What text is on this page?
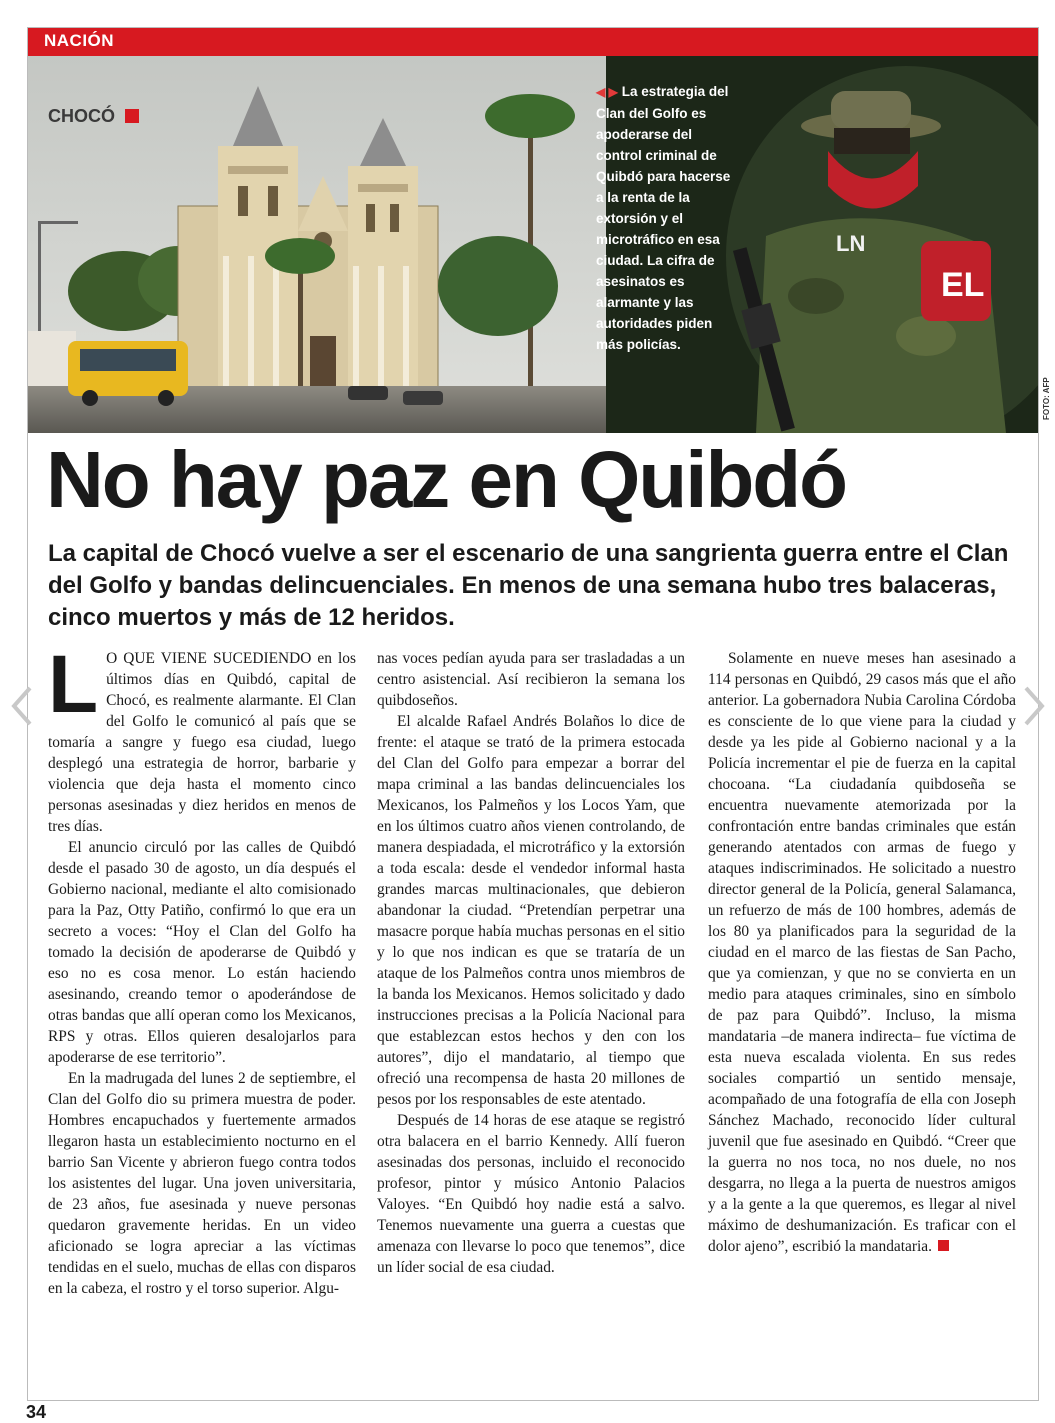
NACIÓN
CHOCÓ
EL
LN
◀ ▶ La estrategia del Clan del Golfo es apoderarse del control criminal de Quibdó para hacerse a la renta de la extorsión y el microtráfico en esa ciudad. La cifra de asesinatos es alarmante y las autoridades piden más policías.
No hay paz en Quibdó
La capital de Chocó vuelve a ser el escenario de una sangrienta guerra entre el Clan del Golfo y bandas delincuenciales. En menos de una semana hubo tres balaceras, cinco muertos y más de 12 heridos.

L O QUE VIENE SUCEDIENDO en los últimos días en Quibdó, capital de Chocó, es realmente alarmante. El Clan del Golfo le comunicó al país que se tomaría a sangre y fuego esa ciudad, luego desplegó una estrategia de horror, barbarie y violencia que deja hasta el momento cinco personas asesinadas y diez heridos en menos de tres días.

El anuncio circuló por las calles de Quibdó desde el pasado 30 de agosto, un día después el Gobierno nacional, mediante el alto comisionado para la Paz, Otty Patiño, confirmó lo que era un secreto a voces: “Hoy el Clan del Golfo ha tomado la decisión de apoderarse de Quibdó y eso no es cosa menor. Lo están haciendo asesinando, creando temor o apoderándose de otras bandas que allí operan como los Mexicanos, RPS y otras. Ellos quieren desalojarlos para apoderarse de ese territorio”.

En la madrugada del lunes 2 de septiembre, el Clan del Golfo dio su primera muestra de poder. Hombres encapuchados y fuertemente armados llegaron hasta un establecimiento nocturno en el barrio San Vicente y abrieron fuego contra todos los asistentes del lugar. Una joven universitaria, de 23 años, fue asesinada y nueve personas quedaron gravemente heridas. En un video aficionado se logra apreciar a las víctimas tendidas en el suelo, muchas de ellas con disparos en la cabeza, el rostro y el torso superior. Algu-

nas voces pedían ayuda para ser trasladadas a un centro asistencial. Así recibieron la semana los quibdoseños.

El alcalde Rafael Andrés Bolaños lo dice de frente: el ataque se trató de la primera estocada del Clan del Golfo para empezar a borrar del mapa criminal a las bandas delincuenciales los Mexicanos, los Palmeños y los Locos Yam, que en los últimos cuatro años vienen controlando, de manera despiadada, el microtráfico y la extorsión a toda escala: desde el vendedor informal hasta grandes marcas multinacionales, que debieron abandonar la ciudad. “Pretendían perpetrar una masacre porque había muchas personas en el sitio y lo que nos indican es que se trataría de un ataque de los Palmeños contra unos miembros de la banda los Mexicanos. Hemos solicitado y dado instrucciones precisas a la Policía Nacional para que establezcan estos hechos y den con los autores”, dijo el mandatario, al tiempo que ofreció una recompensa de hasta 20 millones de pesos por los responsables de este atentado.

Después de 14 horas de ese ataque se registró otra balacera en el barrio Kennedy. Allí fueron asesinadas dos personas, incluido el reconocido profesor, pintor y músico Antonio Palacios Valoyes. “En Quibdó hoy nadie está a salvo. Tenemos nuevamente una guerra a cuestas que amenaza con llevarse lo poco que tenemos”, dice un líder social de esa ciudad.

Solamente en nueve meses han asesinado a 114 personas en Quibdó, 29 casos más que el año anterior. La gobernadora Nubia Carolina Córdoba es consciente de lo que viene para la ciudad y desde ya les pide al Gobierno nacional y a la Policía incrementar el pie de fuerza en la capital chocoana. “La ciudadanía quibdoseña se encuentra nuevamente atemorizada por la confrontación entre bandas criminales que están generando atentados con armas de fuego y ataques indiscriminados. He solicitado a nuestro director general de la Policía, general Salamanca, un refuerzo de más de 100 hombres, además de los 80 ya planificados para la seguridad de la ciudad en el marco de las fiestas de San Pacho, que ya comienzan, y que no se convierta en un medio para ataques criminales, sino en símbolo de paz para Quibdó”. Incluso, la misma mandataria –de manera indirecta– fue víctima de esta nueva escalada violenta. En sus redes sociales compartió un sentido mensaje, acompañado de una fotografía de ella con Joseph Sánchez Machado, reconocido líder cultural juvenil que fue asesinado en Quibdó. “Creer que la guerra no nos toca, no nos duele, no nos desgarra, no llega a la puerta de nuestros amigos y a la gente a la que queremos, es llegar al nivel máximo de deshumanización. Es traficar con el dolor ajeno”, escribió la mandataria.

FOTO: AFP
34
